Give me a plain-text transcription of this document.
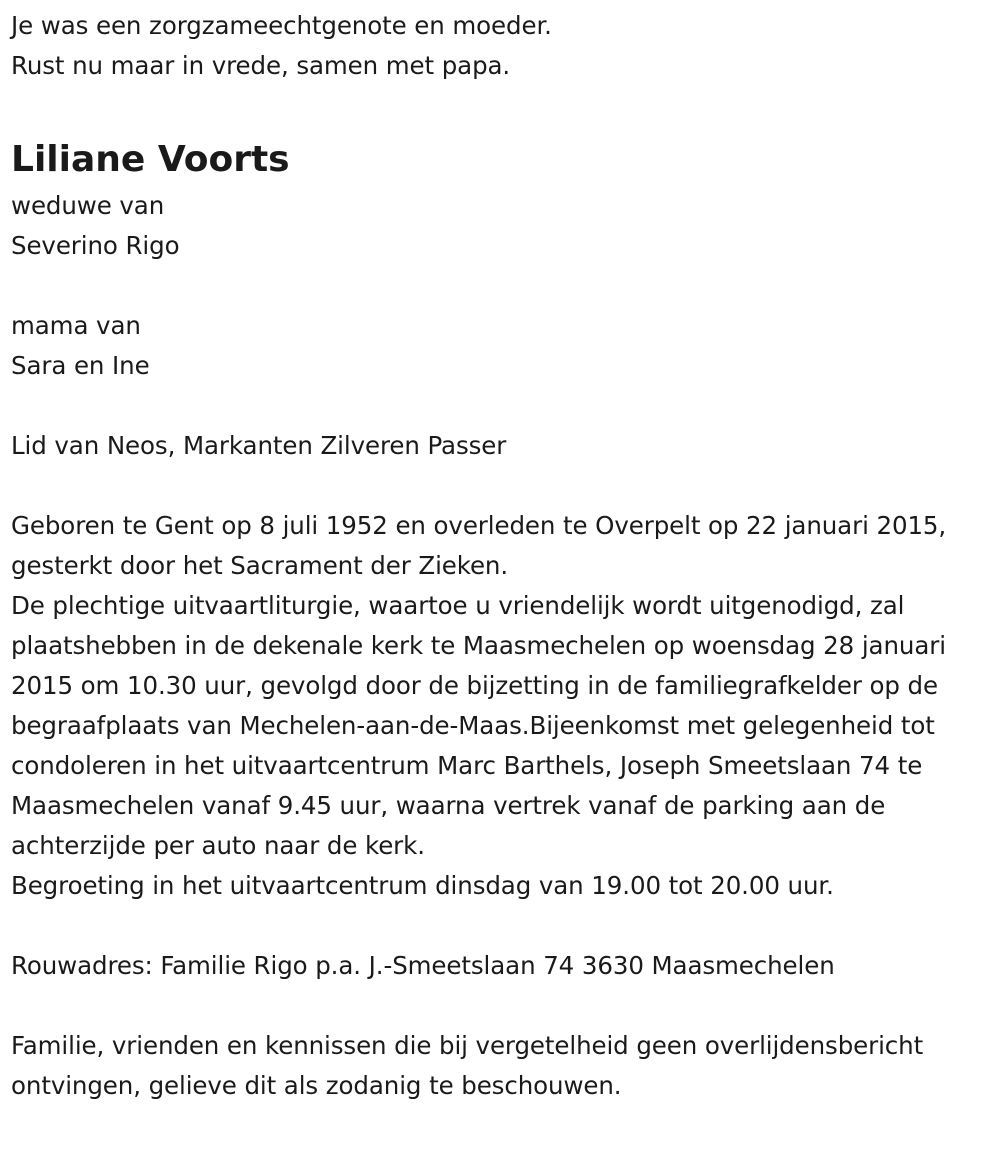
Je was een zorgzameechtgenote en moeder.
Rust nu maar in vrede, samen met papa.
Liliane Voorts
weduwe van
Severino Rigo
mama van
Sara en Ine
Lid van Neos, Markanten Zilveren Passer
Geboren te Gent op 8 juli 1952 en overleden te Overpelt op 22 januari 2015, gesterkt door het Sacrament der Zieken.
De plechtige uitvaartliturgie, waartoe u vriendelijk wordt uitgenodigd, zal plaatshebben in de dekenale kerk te Maasmechelen op woensdag 28 januari 2015 om 10.30 uur, gevolgd door de bijzetting in de familiegrafkelder op de begraafplaats van Mechelen-aan-de-Maas.Bijeenkomst met gelegenheid tot condoleren in het uitvaartcentrum Marc Barthels, Joseph Smeetslaan 74 te Maasmechelen vanaf 9.45 uur, waarna vertrek vanaf de parking aan de achterzijde per auto naar de kerk.
Begroeting in het uitvaartcentrum dinsdag van 19.00 tot 20.00 uur.
Rouwadres: Familie Rigo p.a. J.-Smeetslaan 74 3630 Maasmechelen
Familie, vrienden en kennissen die bij vergetelheid geen overlijdensbericht ontvingen, gelieve dit als zodanig te beschouwen.
